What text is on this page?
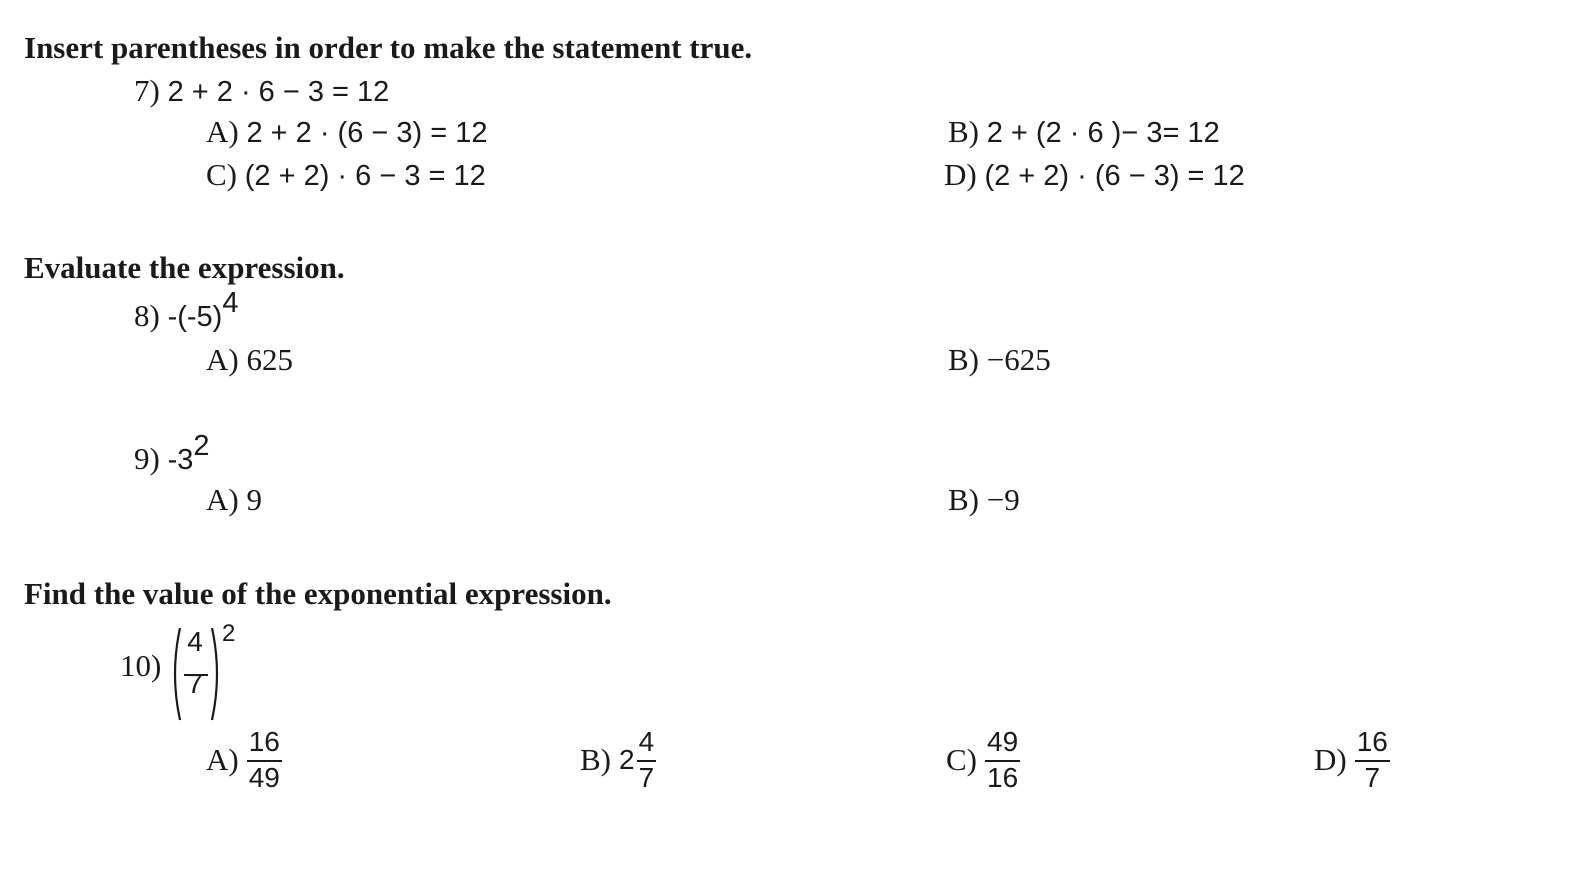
Insert parentheses in order to make the statement true.
7) 2 + 2 · 6 − 3 = 12
A) 2 + 2 · (6 − 3) = 12	B) 2 + (2 · 6 )− 3= 12
C) (2 + 2) · 6 − 3 = 12	D) (2 + 2) · (6 − 3) = 12
Evaluate the expression.
8) $-(-5)^4$
A) 625	B) −625
9) $-3^2$
A) 9	B) −9
Find the value of the exponential expression.
10)
4
7
2
$A) \frac{16}{49}$	B) $2 \frac{4}{7}$	$C) \frac{49}{16}$	$D) \frac{16}{7}$
